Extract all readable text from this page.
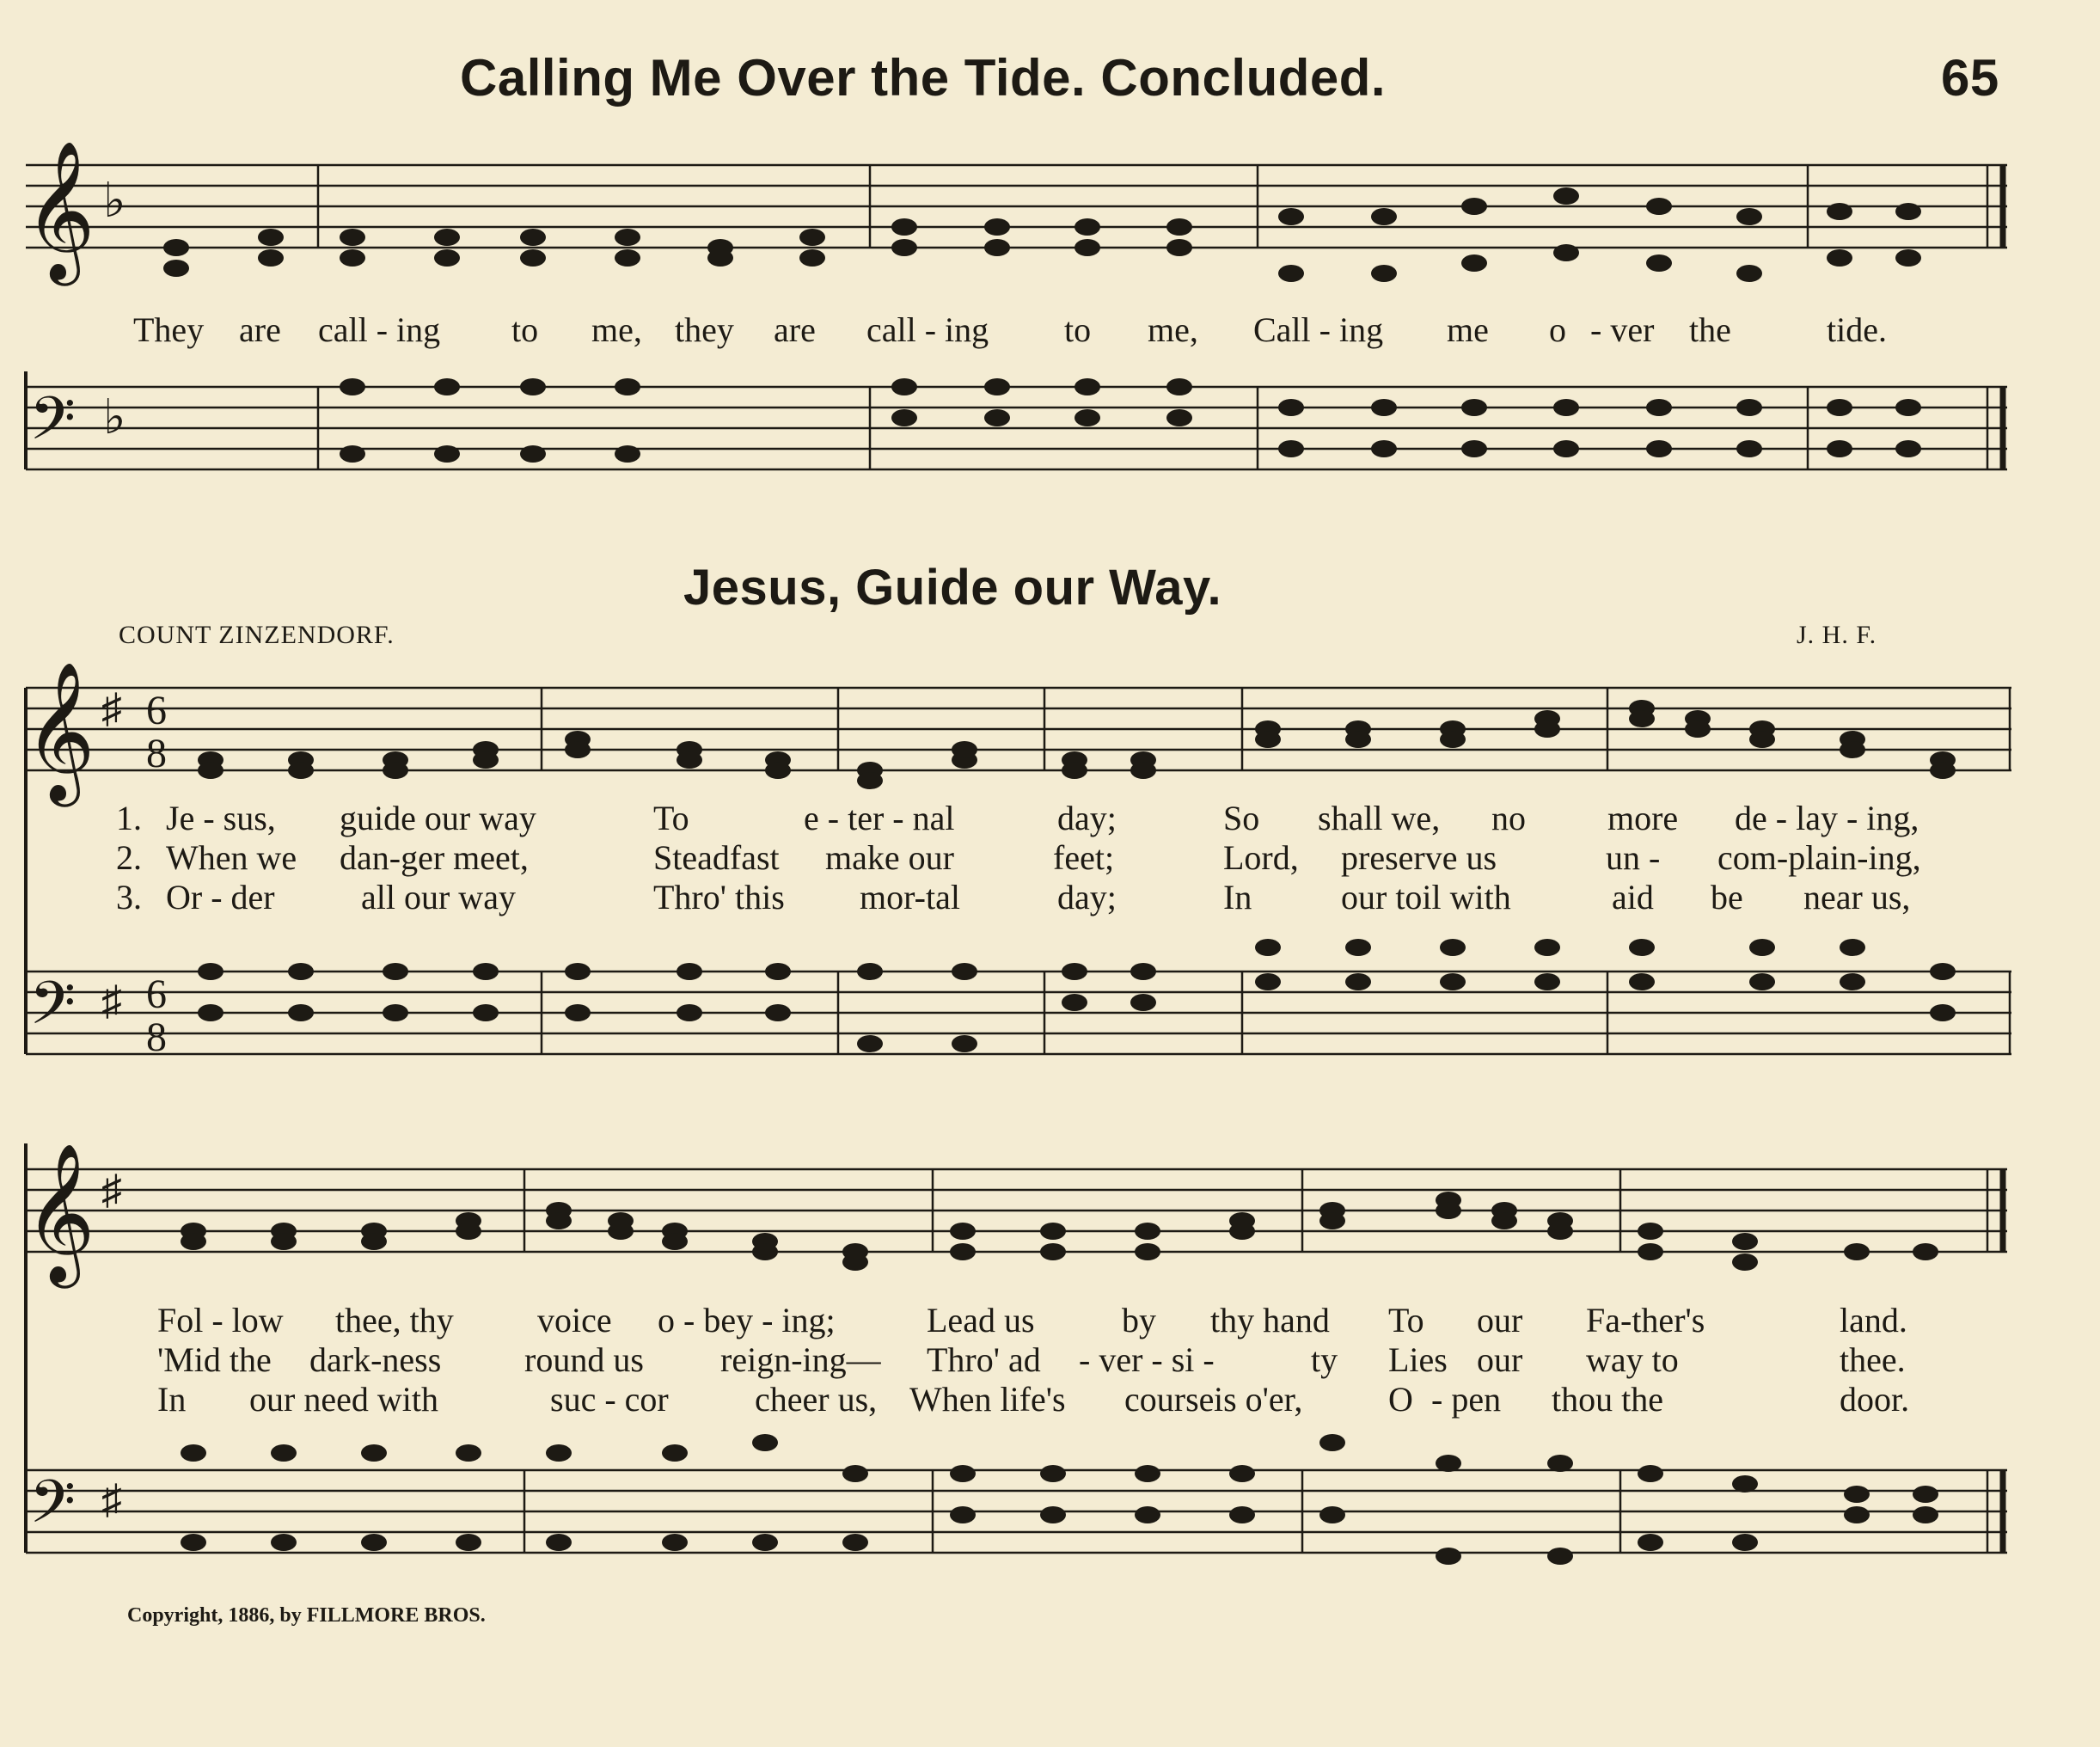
Calling Me Over the Tide. Concluded.	65
𝄞 ♭
They are call - ing to me, they are call - ing to me, Call - ing me o - ver the	tide.
𝄢 ♭
Jesus, Guide our Way.
COUNT ZINZENDORF.	J. H. F.
𝄞 ♯ 6
8
1. Je - sus, guide our way	To	e - ter - nal	day;	So shall we, no more de - lay - ing,
2. When we dan-ger meet,	Steadfast make our	feet;	Lord, preserve us	un - com-plain-ing,
3. Or - der	all our way	Thro' this mor-tal	day;	In	our toil with	aid be near us,
𝄢 ♯ 6
8
𝄞 ♯
Fol - low thee, thy voice o - bey - ing;	Lead us	by thy hand To our Fa-ther's	land.
'Mid the dark-ness round us reign-ing— Thro' ad - ver - si -	ty Lies our way to	thee.
In our need with	suc - cor	cheer us, When life's course is o'er, O - pen thou the	door.
𝄢 ♯
Copyright, 1886, by FILLMORE BROS.
